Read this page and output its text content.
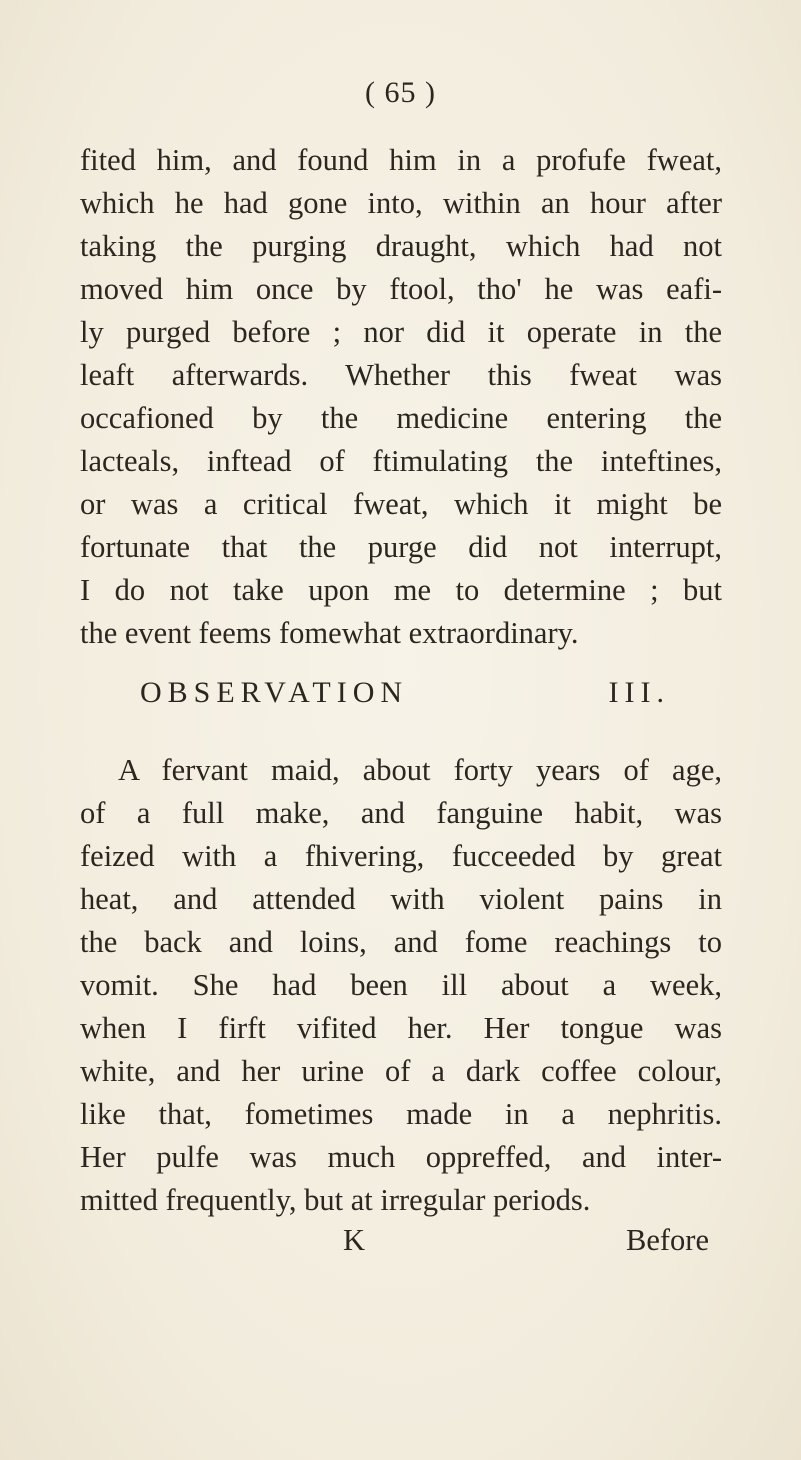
( 65 )
fited him, and found him in a profufe fweat,
which he had gone into, within an hour after
taking the purging draught, which had not
moved him once by ftool, tho' he was eafi-
ly purged before ; nor did it operate in the
leaft afterwards. Whether this fweat was
occafioned by the medicine entering the
lacteals, inftead of ftimulating the inteftines,
or was a critical fweat, which it might be
fortunate that the purge did not interrupt,
I do not take upon me to determine ; but
the event feems fomewhat extraordinary.
OBSERVATION III.
A fervant maid, about forty years of age,
of a full make, and fanguine habit, was
feized with a fhivering, fucceeded by great
heat, and attended with violent pains in
the back and loins, and fome reachings to
vomit. She had been ill about a week,
when I firft vifited her. Her tongue was
white, and her urine of a dark coffee colour,
like that, fometimes made in a nephritis.
Her pulfe was much oppreffed, and inter-
mitted frequently, but at irregular periods.
K	Before
